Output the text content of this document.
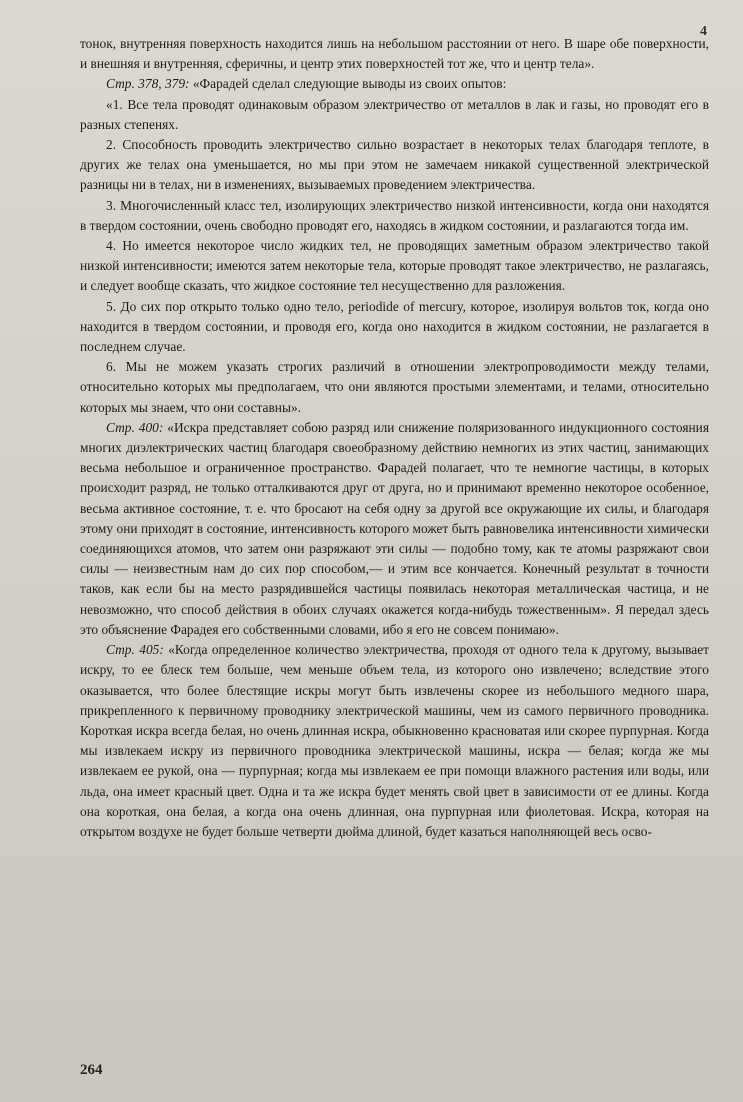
4

тонок, внутренняя поверхность находится лишь на небольшом расстоянии от него. В шаре обе поверхности, и внешняя и внутренняя, сферичны, и центр этих поверхностей тот же, что и центр тела».

Стр. 378, 379: «Фарадей сделал следующие выводы из своих опытов:

«1. Все тела проводят одинаковым образом электричество от металлов в лак и газы, но проводят его в разных степенях.

2. Способность проводить электричество сильно возрастает в некоторых телах благодаря теплоте, в других же телах она уменьшается, но мы при этом не замечаем никакой существенной электрической разницы ни в телах, ни в изменениях, вызываемых проведением электричества.

3. Многочисленный класс тел, изолирующих электричество низкой интенсивности, когда они находятся в твердом состоянии, очень свободно проводят его, находясь в жидком состоянии, и разлагаются тогда им.

4. Но имеется некоторое число жидких тел, не проводящих заметным образом электричество такой низкой интенсивности; имеются затем некоторые тела, которые проводят такое электричество, не разлагаясь, и следует вообще сказать, что жидкое состояние тел несущественно для разложения.

5. До сих пор открыто только одно тело, periodide of mercury, которое, изолируя вольтов ток, когда оно находится в твердом состоянии, и проводя его, когда оно находится в жидком состоянии, не разлагается в последнем случае.

6. Мы не можем указать строгих различий в отношении электропроводимости между телами, относительно которых мы предполагаем, что они являются простыми элементами, и телами, относительно которых мы знаем, что они составны».

Стр. 400: «Искра представляет собою разряд или снижение поляризованного индукционного состояния многих диэлектрических частиц благодаря своеобразному действию немногих из этих частиц, занимающих весьма небольшое и ограниченное пространство. Фарадей полагает, что те немногие частицы, в которых происходит разряд, не только отталкиваются друг от друга, но и принимают временно некоторое особенное, весьма активное состояние, т. е. что бросают на себя одну за другой все окружающие их силы, и благодаря этому они приходят в состояние, интенсивность которого может быть равновелика интенсивности химически соединяющихся атомов, что затем они разряжают эти силы — подобно тому, как те атомы разряжают свои силы — неизвестным нам до сих пор способом,— и этим все кончается. Конечный результат в точности таков, как если бы на место разрядившейся частицы появилась некоторая металлическая частица, и не невозможно, что способ действия в обоих случаях окажется когда-нибудь тожественным». Я передал здесь это объяснение Фарадея его собственными словами, ибо я его не совсем понимаю».

Стр. 405: «Когда определенное количество электричества, проходя от одного тела к другому, вызывает искру, то ее блеск тем больше, чем меньше объем тела, из которого оно извлечено; вследствие этого оказывается, что более блестящие искры могут быть извлечены скорее из небольшого медного шара, прикрепленного к первичному проводнику электрической машины, чем из самого первичного проводника. Короткая искра всегда белая, но очень длинная искра, обыкновенно красноватая или скорее пурпурная. Когда мы извлекаем искру из первичного проводника электрической машины, искра — белая; когда же мы извлекаем ее рукой, она — пурпурная; когда мы извлекаем ее при помощи влажного растения или воды, или льда, она имеет красный цвет. Одна и та же искра будет менять свой цвет в зависимости от ее длины. Когда она короткая, она белая, а когда она очень длинная, она пурпурная или фиолетовая. Искра, которая на открытом воздухе не будет больше четверти дюйма длиной, будет казаться наполняющей весь осво-

264
